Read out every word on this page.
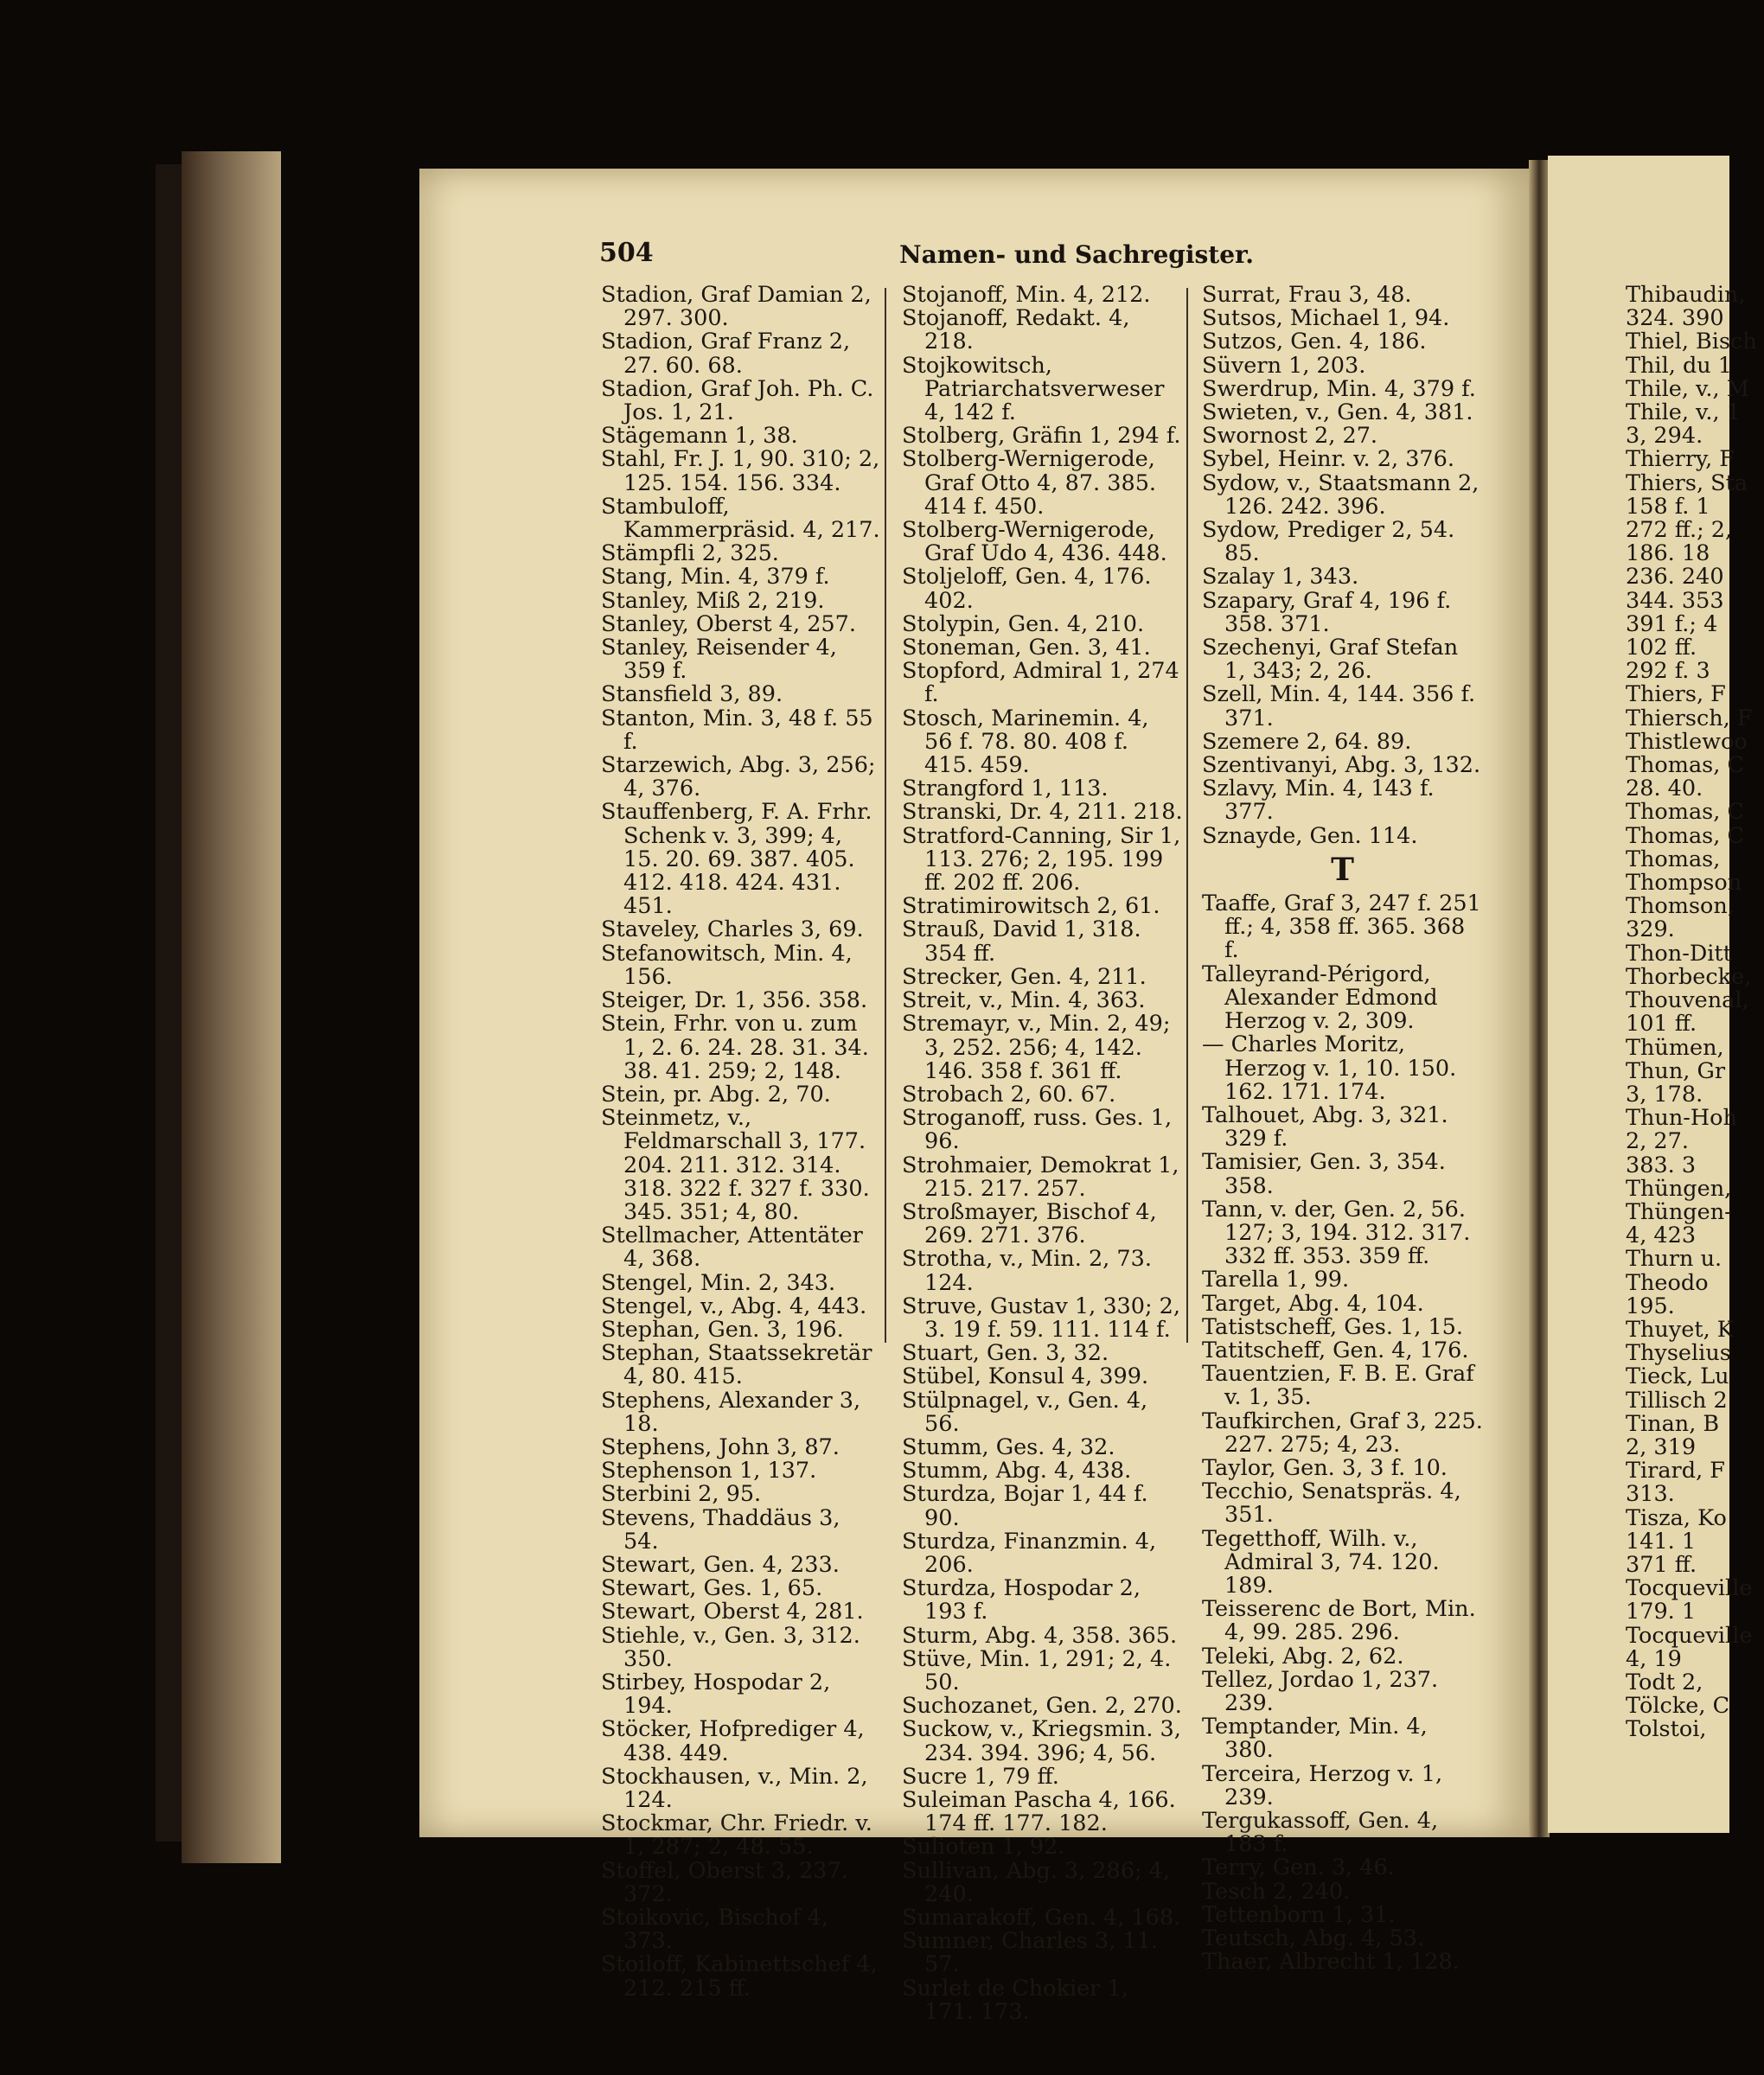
504	Namen- und Sachregister.
Stadion, Graf Damian 2, 297. 300.
Stadion, Graf Franz 2, 27. 60. 68.
Stadion, Graf Joh. Ph. C. Jos. 1, 21.
Stägemann 1, 38.
Stahl, Fr. J. 1, 90. 310; 2, 125. 154. 156. 334.
Stambuloff, Kammerpräsid. 4, 217.
Stämpfli 2, 325.
Stang, Min. 4, 379 f.
Stanley, Miß 2, 219.
Stanley, Oberst 4, 257.
Stanley, Reisender 4, 359 f.
Stansfield 3, 89.
Stanton, Min. 3, 48 f. 55 f.
Starzewich, Abg. 3, 256; 4, 376.
Stauffenberg, F. A. Frhr. Schenk v. 3, 399; 4, 15. 20. 69. 387. 405. 412. 418. 424. 431. 451.
Staveley, Charles 3, 69.
Stefanowitsch, Min. 4, 156.
Steiger, Dr. 1, 356. 358.
Stein, Frhr. von u. zum 1, 2. 6. 24. 28. 31. 34. 38. 41. 259; 2, 148.
Stein, pr. Abg. 2, 70.
Steinmetz, v., Feldmarschall 3, 177. 204. 211. 312. 314. 318. 322 f. 327 f. 330. 345. 351; 4, 80.
Stellmacher, Attentäter 4, 368.
Stengel, Min. 2, 343.
Stengel, v., Abg. 4, 443.
Stephan, Gen. 3, 196.
Stephan, Staatssekretär 4, 80. 415.
Stephens, Alexander 3, 18.
Stephens, John 3, 87.
Stephenson 1, 137.
Sterbini 2, 95.
Stevens, Thaddäus 3, 54.
Stewart, Gen. 4, 233.
Stewart, Ges. 1, 65.
Stewart, Oberst 4, 281.
Stiehle, v., Gen. 3, 312. 350.
Stirbey, Hospodar 2, 194.
Stöcker, Hofprediger 4, 438. 449.
Stockhausen, v., Min. 2, 124.
Stockmar, Chr. Friedr. v. 1, 287; 2, 48. 55.
Stoffel, Oberst 3, 237. 372.
Stoikovic, Bischof 4, 373.
Stoiloff, Kabinettschef 4, 212. 215 ff.
Stojanoff, Min. 4, 212.
Stojanoff, Redakt. 4, 218.
Stojkowitsch, Patriarchatsverweser 4, 142 f.
Stolberg, Gräfin 1, 294 f.
Stolberg-Wernigerode, Graf Otto 4, 87. 385. 414 f. 450.
Stolberg-Wernigerode, Graf Udo 4, 436. 448.
Stoljeloff, Gen. 4, 176. 402.
Stolypin, Gen. 4, 210.
Stoneman, Gen. 3, 41.
Stopford, Admiral 1, 274 f.
Stosch, Marinemin. 4, 56 f. 78. 80. 408 f. 415. 459.
Strangford 1, 113.
Stranski, Dr. 4, 211. 218.
Stratford-Canning, Sir 1, 113. 276; 2, 195. 199 ff. 202 ff. 206.
Stratimirowitsch 2, 61.
Strauß, David 1, 318. 354 ff.
Strecker, Gen. 4, 211.
Streit, v., Min. 4, 363.
Stremayr, v., Min. 2, 49; 3, 252. 256; 4, 142. 146. 358 f. 361 ff.
Strobach 2, 60. 67.
Stroganoff, russ. Ges. 1, 96.
Strohmaier, Demokrat 1, 215. 217. 257.
Stroßmayer, Bischof 4, 269. 271. 376.
Strotha, v., Min. 2, 73. 124.
Struve, Gustav 1, 330; 2, 3. 19 f. 59. 111. 114 f.
Stuart, Gen. 3, 32.
Stübel, Konsul 4, 399.
Stülpnagel, v., Gen. 4, 56.
Stumm, Ges. 4, 32.
Stumm, Abg. 4, 438.
Sturdza, Bojar 1, 44 f. 90.
Sturdza, Finanzmin. 4, 206.
Sturdza, Hospodar 2, 193 f.
Sturm, Abg. 4, 358. 365.
Stüve, Min. 1, 291; 2, 4. 50.
Suchozanet, Gen. 2, 270.
Suckow, v., Kriegsmin. 3, 234. 394. 396; 4, 56.
Sucre 1, 79 ff.
Suleiman Pascha 4, 166. 174 ff. 177. 182.
Sulioten 1, 92.
Sullivan, Abg. 3, 286; 4, 240.
Sumarakoff, Gen. 4, 168.
Sumner, Charles 3, 11. 57.
Surlet de Chokier 1, 171. 173.
Surrat, Frau 3, 48.
Sutsos, Michael 1, 94.
Sutzos, Gen. 4, 186.
Süvern 1, 203.
Swerdrup, Min. 4, 379 f.
Swieten, v., Gen. 4, 381.
Swornost 2, 27.
Sybel, Heinr. v. 2, 376.
Sydow, v., Staatsmann 2, 126. 242. 396.
Sydow, Prediger 2, 54. 85.
Szalay 1, 343.
Szapary, Graf 4, 196 f. 358. 371.
Szechenyi, Graf Stefan 1, 343; 2, 26.
Szell, Min. 4, 144. 356 f. 371.
Szemere 2, 64. 89.
Szentivanyi, Abg. 3, 132.
Szlavy, Min. 4, 143 f. 377.
Sznayde, Gen. 114.
T
Taaffe, Graf 3, 247 f. 251 ff.; 4, 358 ff. 365. 368 f.
Talleyrand-Périgord, Alexander Edmond Herzog v. 2, 309.
— Charles Moritz, Herzog v. 1, 10. 150. 162. 171. 174.
Talhouet, Abg. 3, 321. 329 f.
Tamisier, Gen. 3, 354. 358.
Tann, v. der, Gen. 2, 56. 127; 3, 194. 312. 317. 332 ff. 353. 359 ff.
Tarella 1, 99.
Target, Abg. 4, 104.
Tatistscheff, Ges. 1, 15.
Tatitscheff, Gen. 4, 176.
Tauentzien, F. B. E. Graf v. 1, 35.
Taufkirchen, Graf 3, 225. 227. 275; 4, 23.
Taylor, Gen. 3, 3 f. 10.
Tecchio, Senatspräs. 4, 351.
Tegetthoff, Wilh. v., Admiral 3, 74. 120. 189.
Teisserenc de Bort, Min. 4, 99. 285. 296.
Teleki, Abg. 2, 62.
Tellez, Jordao 1, 237. 239.
Temptander, Min. 4, 380.
Terceira, Herzog v. 1, 239.
Tergukassoff, Gen. 4, 183 f.
Terry, Gen. 3, 46.
Tesch 2, 240.
Tettenborn 1, 31.
Teutsch, Abg. 4, 53.
Thaer, Albrecht 1, 128.
Thibaudin,
324. 390
Thiel, Bisch
Thil, du 1
Thile, v., M
Thile, v., 1
3, 294.
Thierry, F
Thiers, Sta
158 f. 1
272 ff.; 2,
186. 18
236. 240
344. 353
391 f.; 4
102 ff.
292 f. 3
Thiers, F
Thiersch, F
Thistlewoo
Thomas, C
28. 40.
Thomas, C
Thomas, C
Thomas,
Thompson
Thomson,
329.
Thon-Ditt
Thorbecke,
Thouvenal,
101 ff.
Thümen,
Thun, Gr
3, 178.
Thun-Hoh
2, 27.
383. 3
Thüngen,
Thüngen-
4, 423
Thurn u.
Theodo
195.
Thuyet, K
Thyselius
Tieck, Lu
Tillisch 2
Tinan, B
2, 319
Tirard, F
313.
Tisza, Ko
141. 1
371 ff.
Tocqueville
179. 1
Tocqueville
4, 19
Todt 2,
Tölcke, C
Tolstoi,
